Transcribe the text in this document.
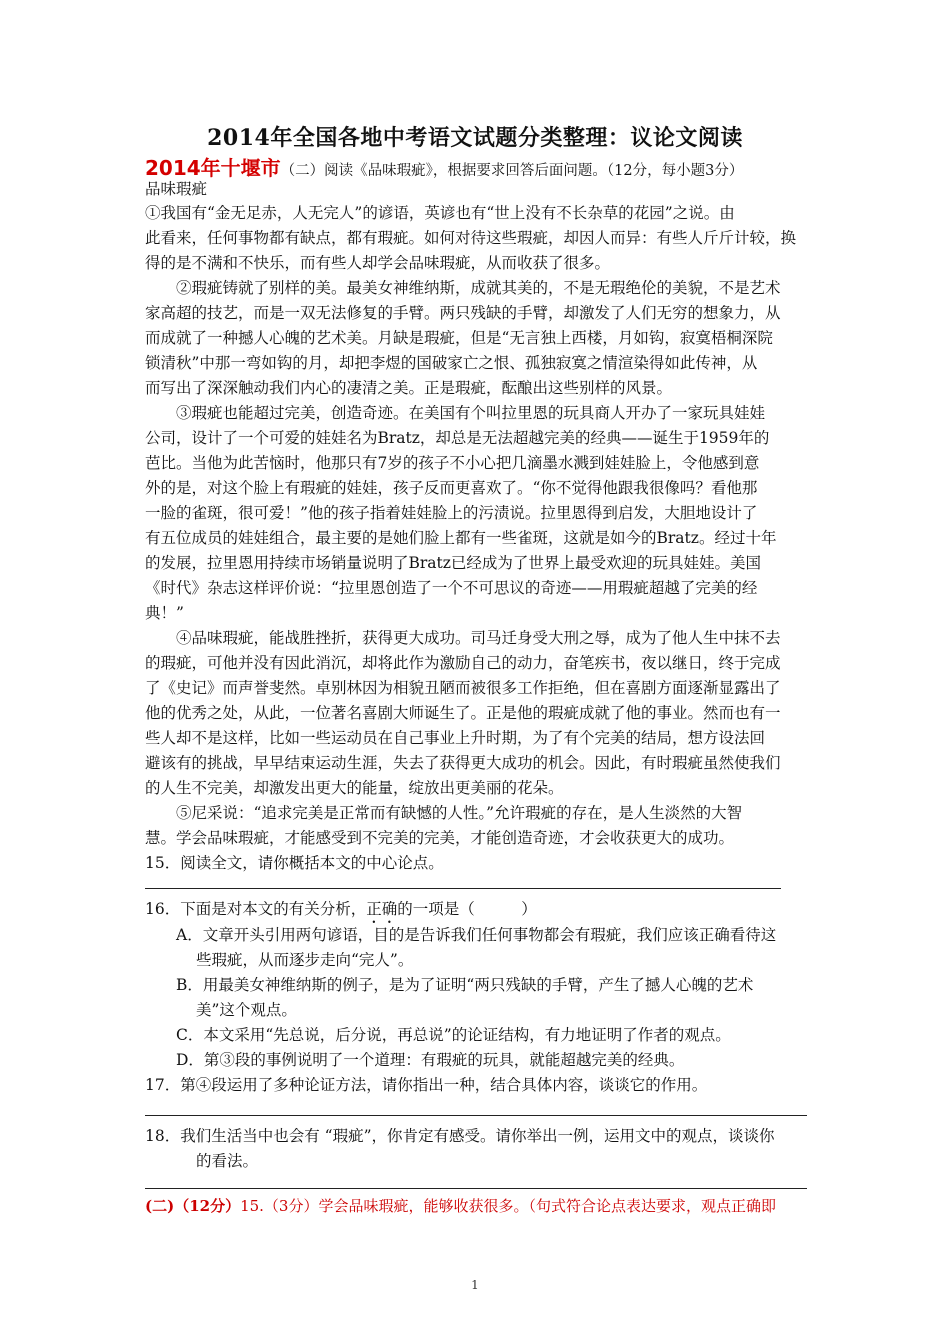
2014年全国各地中考语文试题分类整理：议论文阅读
2014年十堰市（二）阅读《品味瑕疵》，根据要求回答后面问题。（12分，每小题3分）
品味瑕疵
①我国有“金无足赤，人无完人”的谚语，英谚也有“世上没有不长杂草的花园”之说。由
此看来，任何事物都有缺点，都有瑕疵。如何对待这些瑕疵，却因人而异：有些人斤斤计较，换
得的是不满和不快乐，而有些人却学会品味瑕疵，从而收获了很多。
②瑕疵铸就了别样的美。最美女神维纳斯，成就其美的，不是无瑕绝伦的美貌，不是艺术
家高超的技艺，而是一双无法修复的手臂。两只残缺的手臂，却激发了人们无穷的想象力，从
而成就了一种撼人心魄的艺术美。月缺是瑕疵，但是“无言独上西楼，月如钩，寂寞梧桐深院
锁清秋”中那一弯如钩的月，却把李煜的国破家亡之恨、孤独寂寞之情渲染得如此传神，从
而写出了深深触动我们内心的凄清之美。正是瑕疵，酝酿出这些别样的风景。
③瑕疵也能超过完美，创造奇迹。在美国有个叫拉里恩的玩具商人开办了一家玩具娃娃
公司，设计了一个可爱的娃娃名为Bratz，却总是无法超越完美的经典——诞生于1959年的
芭比。当他为此苦恼时，他那只有7岁的孩子不小心把几滴墨水溅到娃娃脸上，令他感到意
外的是，对这个脸上有瑕疵的娃娃，孩子反而更喜欢了。“你不觉得他跟我很像吗？看他那
一脸的雀斑，很可爱！”他的孩子指着娃娃脸上的污渍说。拉里恩得到启发，大胆地设计了
有五位成员的娃娃组合，最主要的是她们脸上都有一些雀斑，这就是如今的Bratz。经过十年
的发展，拉里恩用持续市场销量说明了Bratz已经成为了世界上最受欢迎的玩具娃娃。美国
《时代》杂志这样评价说：“拉里恩创造了一个不可思议的奇迹——用瑕疵超越了完美的经
典！”
④品味瑕疵，能战胜挫折，获得更大成功。司马迁身受大刑之辱，成为了他人生中抹不去
的瑕疵，可他并没有因此消沉，却将此作为激励自己的动力，奋笔疾书，夜以继日，终于完成
了《史记》而声誉斐然。卓别林因为相貌丑陋而被很多工作拒绝，但在喜剧方面逐渐显露出了
他的优秀之处，从此，一位著名喜剧大师诞生了。正是他的瑕疵成就了他的事业。然而也有一
些人却不是这样，比如一些运动员在自己事业上升时期，为了有个完美的结局，想方设法回
避该有的挑战，早早结束运动生涯，失去了获得更大成功的机会。因此，有时瑕疵虽然使我们
的人生不完美，却激发出更大的能量，绽放出更美丽的花朵。
⑤尼采说：“追求完美是正常而有缺憾的人性。”允许瑕疵的存在，是人生淡然的大智
慧。学会品味瑕疵，才能感受到不完美的完美，才能创造奇迹，才会收获更大的成功。
15．阅读全文，请你概括本文的中心论点。
16．下面是对本文的有关分析，正确的一项是（　　　）
A．文章开头引用两句谚语，目的是告诉我们任何事物都会有瑕疵，我们应该正确看待这
些瑕疵，从而逐步走向“完人”。
B．用最美女神维纳斯的例子，是为了证明“两只残缺的手臂，产生了撼人心魄的艺术
美”这个观点。
C．本文采用“先总说，后分说，再总说”的论证结构，有力地证明了作者的观点。
D．第③段的事例说明了一个道理：有瑕疵的玩具，就能超越完美的经典。
17．第④段运用了多种论证方法，请你指出一种，结合具体内容，谈谈它的作用。
18．我们生活当中也会有 “瑕疵”，你肯定有感受。请你举出一例，运用文中的观点，谈谈你
的看法。
(二)（12分）15.（3分）学会品味瑕疵，能够收获很多。（句式符合论点表达要求，观点正确即
1
